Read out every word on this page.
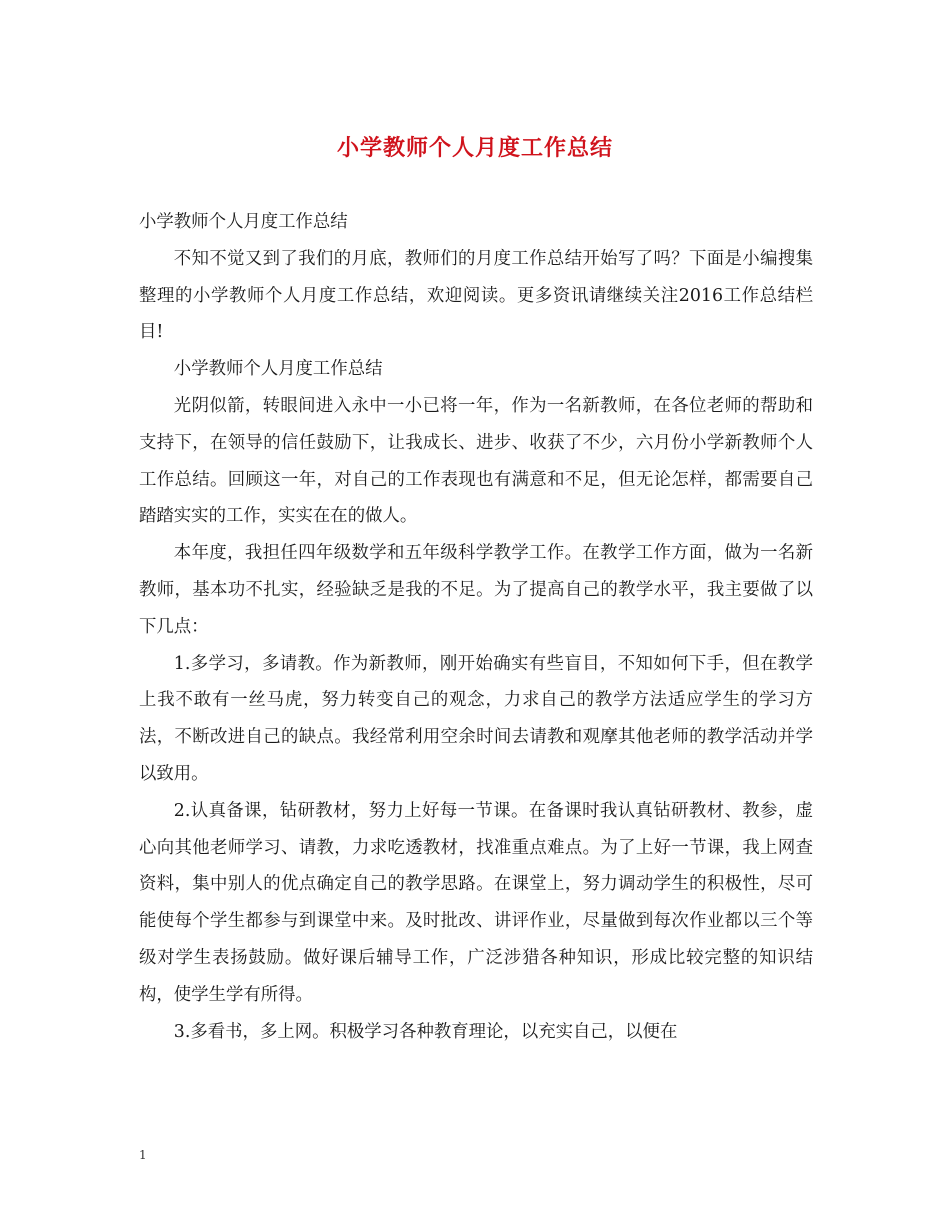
小学教师个人月度工作总结

小学教师个人月度工作总结

不知不觉又到了我们的月底，教师们的月度工作总结开始写了吗？下面是小编搜集整理的小学教师个人月度工作总结，欢迎阅读。更多资讯请继续关注2016工作总结栏目!

小学教师个人月度工作总结

光阴似箭，转眼间进入永中一小已将一年，作为一名新教师，在各位老师的帮助和支持下，在领导的信任鼓励下，让我成长、进步、收获了不少，六月份小学新教师个人工作总结。回顾这一年，对自己的工作表现也有满意和不足，但无论怎样，都需要自己踏踏实实的工作，实实在在的做人。

本年度，我担任四年级数学和五年级科学教学工作。在教学工作方面，做为一名新教师，基本功不扎实，经验缺乏是我的不足。为了提高自己的教学水平，我主要做了以下几点：

1.多学习，多请教。作为新教师，刚开始确实有些盲目，不知如何下手，但在教学上我不敢有一丝马虎，努力转变自己的观念，力求自己的教学方法适应学生的学习方法，不断改进自己的缺点。我经常利用空余时间去请教和观摩其他老师的教学活动并学以致用。

2.认真备课，钻研教材，努力上好每一节课。在备课时我认真钻研教材、教参，虚心向其他老师学习、请教，力求吃透教材，找准重点难点。为了上好一节课，我上网查资料，集中别人的优点确定自己的教学思路。在课堂上，努力调动学生的积极性，尽可能使每个学生都参与到课堂中来。及时批改、讲评作业，尽量做到每次作业都以三个等级对学生表扬鼓励。做好课后辅导工作，广泛涉猎各种知识，形成比较完整的知识结构，使学生学有所得。

3.多看书，多上网。积极学习各种教育理论，以充实自己，以便在

1
